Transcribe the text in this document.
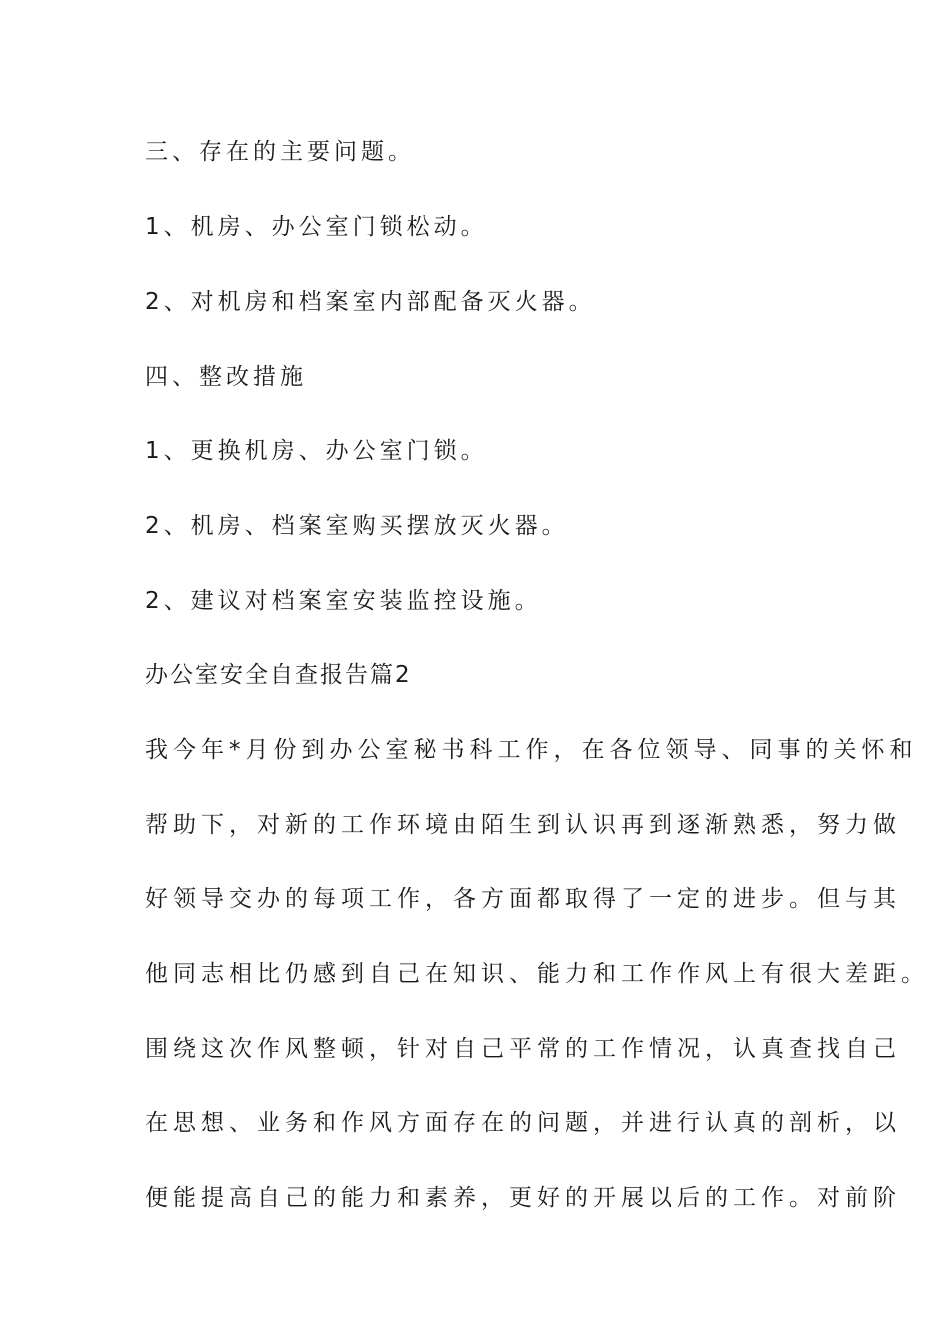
三、存在的主要问题。
1、机房、办公室门锁松动。
2、对机房和档案室内部配备灭火器。
四、整改措施
1、更换机房、办公室门锁。
2、机房、档案室购买摆放灭火器。
2、建议对档案室安装监控设施。
办公室安全自查报告篇2
我今年*月份到办公室秘书科工作，在各位领导、同事的关怀和
帮助下，对新的工作环境由陌生到认识再到逐渐熟悉，努力做
好领导交办的每项工作，各方面都取得了一定的进步。但与其
他同志相比仍感到自己在知识、能力和工作作风上有很大差距。
围绕这次作风整顿，针对自己平常的工作情况，认真查找自己
在思想、业务和作风方面存在的问题，并进行认真的剖析，以
便能提高自己的能力和素养，更好的开展以后的工作。对前阶
